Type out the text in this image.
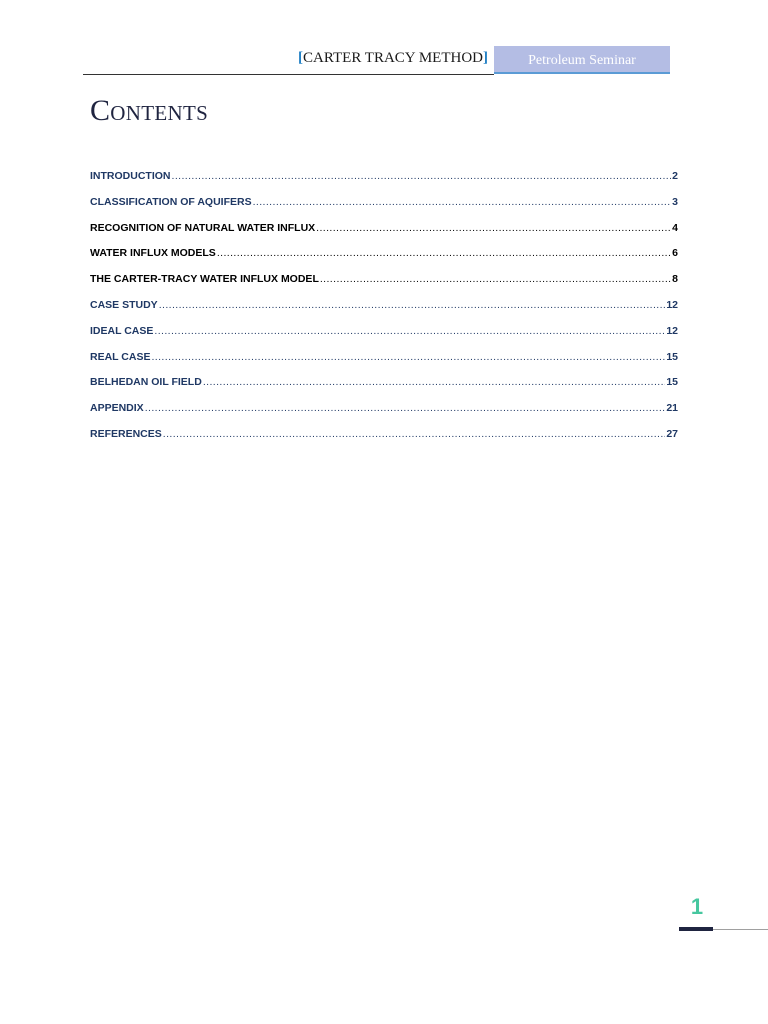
[CARTER TRACY METHOD]	Petroleum Seminar
Contents
INTRODUCTION .....	2
CLASSIFICATION OF AQUIFERS .....	3
RECOGNITION OF NATURAL WATER INFLUX .....	4
WATER INFLUX MODELS .....	6
THE CARTER-TRACY WATER INFLUX MODEL .....	8
CASE STUDY .....	12
IDEAL CASE .....	12
REAL CASE .....	15
BELHEDAN OIL FIELD .....	15
APPENDIX .....	21
REFERENCES .....	27
1
